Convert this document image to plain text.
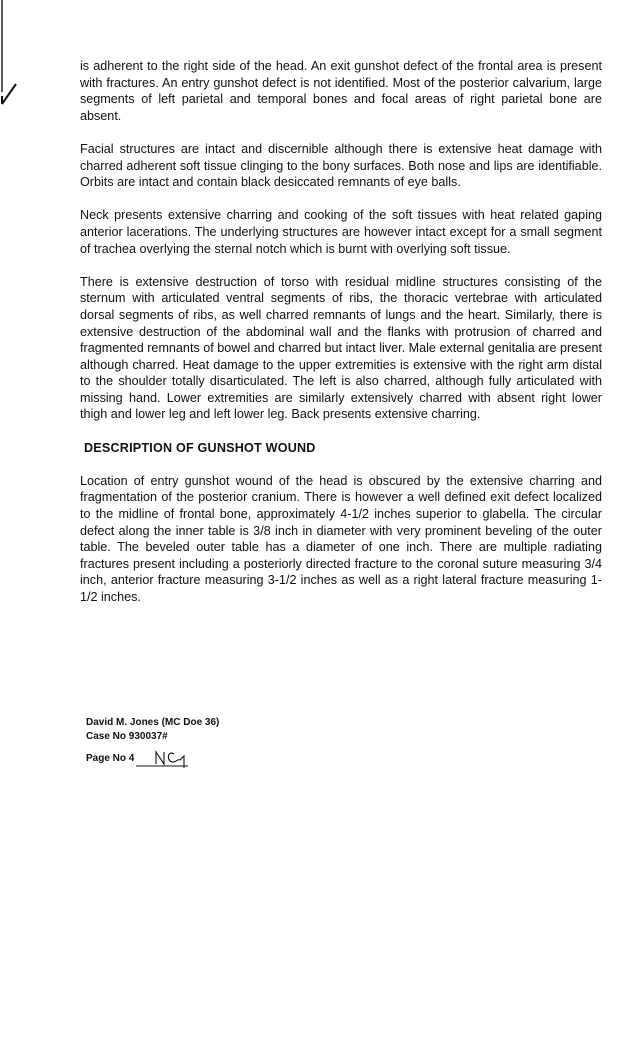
is adherent to the right side of the head. An exit gunshot defect of the frontal area is present with fractures. An entry gunshot defect is not identified. Most of the posterior calvarium, large segments of left parietal and temporal bones and focal areas of right parietal bone are absent.

Facial structures are intact and discernible although there is extensive heat damage with charred adherent soft tissue clinging to the bony surfaces. Both nose and lips are identifiable. Orbits are intact and contain black desiccated remnants of eye balls.

Neck presents extensive charring and cooking of the soft tissues with heat related gaping anterior lacerations. The underlying structures are however intact except for a small segment of trachea overlying the sternal notch which is burnt with overlying soft tissue.

There is extensive destruction of torso with residual midline structures consisting of the sternum with articulated ventral segments of ribs, the thoracic vertebrae with articulated dorsal segments of ribs, as well charred remnants of lungs and the heart. Similarly, there is extensive destruction of the abdominal wall and the flanks with protrusion of charred and fragmented remnants of bowel and charred but intact liver. Male external genitalia are present although charred. Heat damage to the upper extremities is extensive with the right arm distal to the shoulder totally disarticulated. The left is also charred, although fully articulated with missing hand. Lower extremities are similarly extensively charred with absent right lower thigh and lower leg and left lower leg. Back presents extensive charring.

DESCRIPTION OF GUNSHOT WOUND

Location of entry gunshot wound of the head is obscured by the extensive charring and fragmentation of the posterior cranium. There is however a well defined exit defect localized to the midline of frontal bone, approximately 4-1/2 inches superior to glabella. The circular defect along the inner table is 3/8 inch in diameter with very prominent beveling of the outer table. The beveled outer table has a diameter of one inch. There are multiple radiating fractures present including a posteriorly directed fracture to the coronal suture measuring 3/4 inch, anterior fracture measuring 3-1/2 inches as well as a right lateral fracture measuring 1-1/2 inches.

David M. Jones (MC Doe 36)
Case No 930037#
Page No 4
